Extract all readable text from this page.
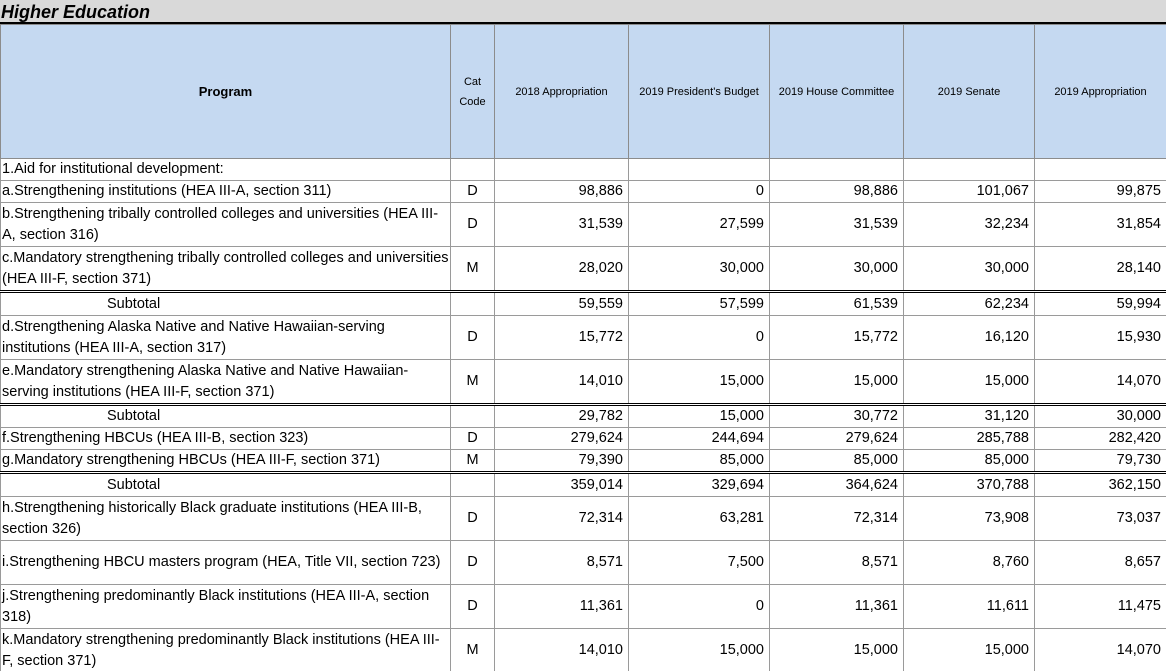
Higher Education
Program	Cat Code	2018 Appropriation	2019 President's Budget	2019 House Committee	2019 Senate	2019 Appropriation
1.Aid for institutional development:						
a.Strengthening institutions (HEA III-A, section 311)	D	98,886	0	98,886	101,067	99,875
b.Strengthening tribally controlled colleges and universities (HEA III-A, section 316)	D	31,539	27,599	31,539	32,234	31,854
c.Mandatory strengthening tribally controlled colleges and universities (HEA III-F, section 371)	M	28,020	30,000	30,000	30,000	28,140
Subtotal		59,559	57,599	61,539	62,234	59,994
d.Strengthening Alaska Native and Native Hawaiian-serving institutions (HEA III-A, section 317)	D	15,772	0	15,772	16,120	15,930
e.Mandatory strengthening Alaska Native and Native Hawaiian-serving institutions (HEA III-F, section 371)	M	14,010	15,000	15,000	15,000	14,070
Subtotal		29,782	15,000	30,772	31,120	30,000
f.Strengthening HBCUs (HEA III-B, section 323)	D	279,624	244,694	279,624	285,788	282,420
g.Mandatory strengthening HBCUs (HEA III-F, section 371)	M	79,390	85,000	85,000	85,000	79,730
Subtotal		359,014	329,694	364,624	370,788	362,150
h.Strengthening historically Black graduate institutions (HEA III-B, section 326)	D	72,314	63,281	72,314	73,908	73,037
i.Strengthening HBCU masters program (HEA, Title VII, section 723)	D	8,571	7,500	8,571	8,760	8,657
j.Strengthening predominantly Black institutions (HEA III-A, section 318)	D	11,361	0	11,361	11,611	11,475
k.Mandatory strengthening predominantly Black institutions (HEA III-F, section 371)	M	14,010	15,000	15,000	15,000	14,070
